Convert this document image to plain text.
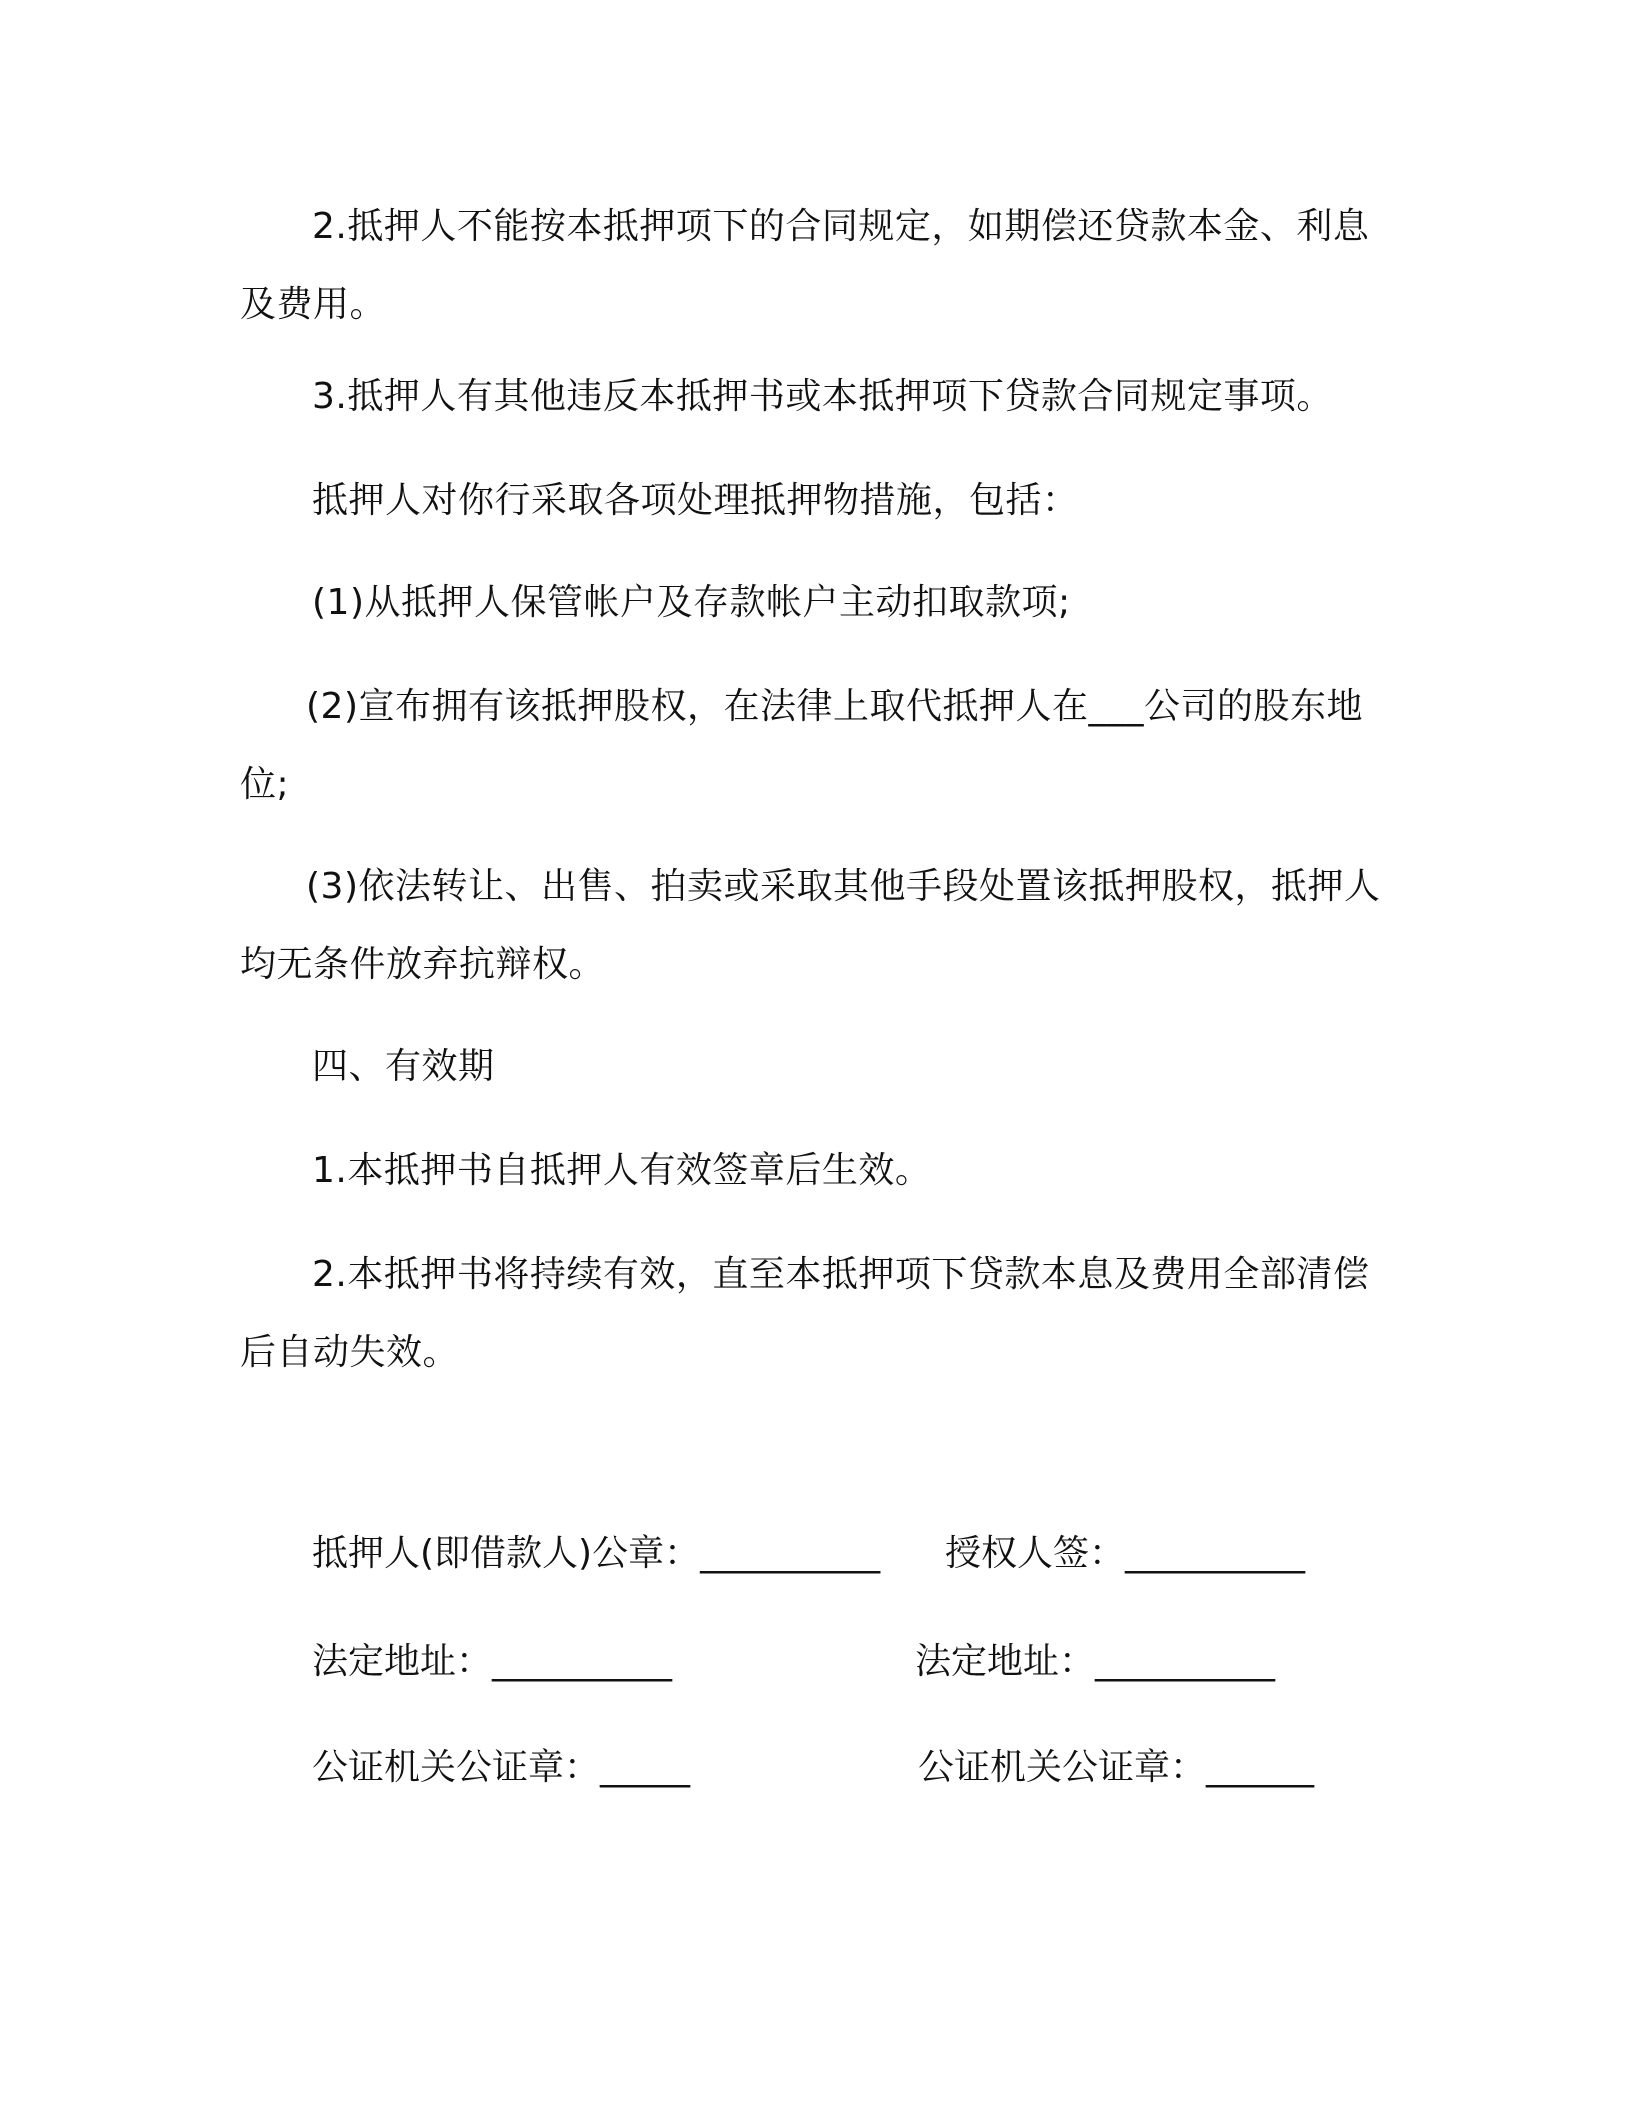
2.抵押人不能按本抵押项下的合同规定，如期偿还贷款本金、利息及费用。

3.抵押人有其他违反本抵押书或本抵押项下贷款合同规定事项。

抵押人对你行采取各项处理抵押物措施，包括：

(1)从抵押人保管帐户及存款帐户主动扣取款项;

(2)宣布拥有该抵押股权，在法律上取代抵押人在___公司的股东地位;

(3)依法转让、出售、拍卖或采取其他手段处置该抵押股权，抵押人均无条件放弃抗辩权。

四、有效期

1.本抵押书自抵押人有效签章后生效。

2.本抵押书将持续有效，直至本抵押项下贷款本息及费用全部清偿后自动失效。

抵押人(即借款人)公章：__________ 授权人签：__________
法定地址：__________	法定地址：__________
公证机关公证章：_____	公证机关公证章：______
